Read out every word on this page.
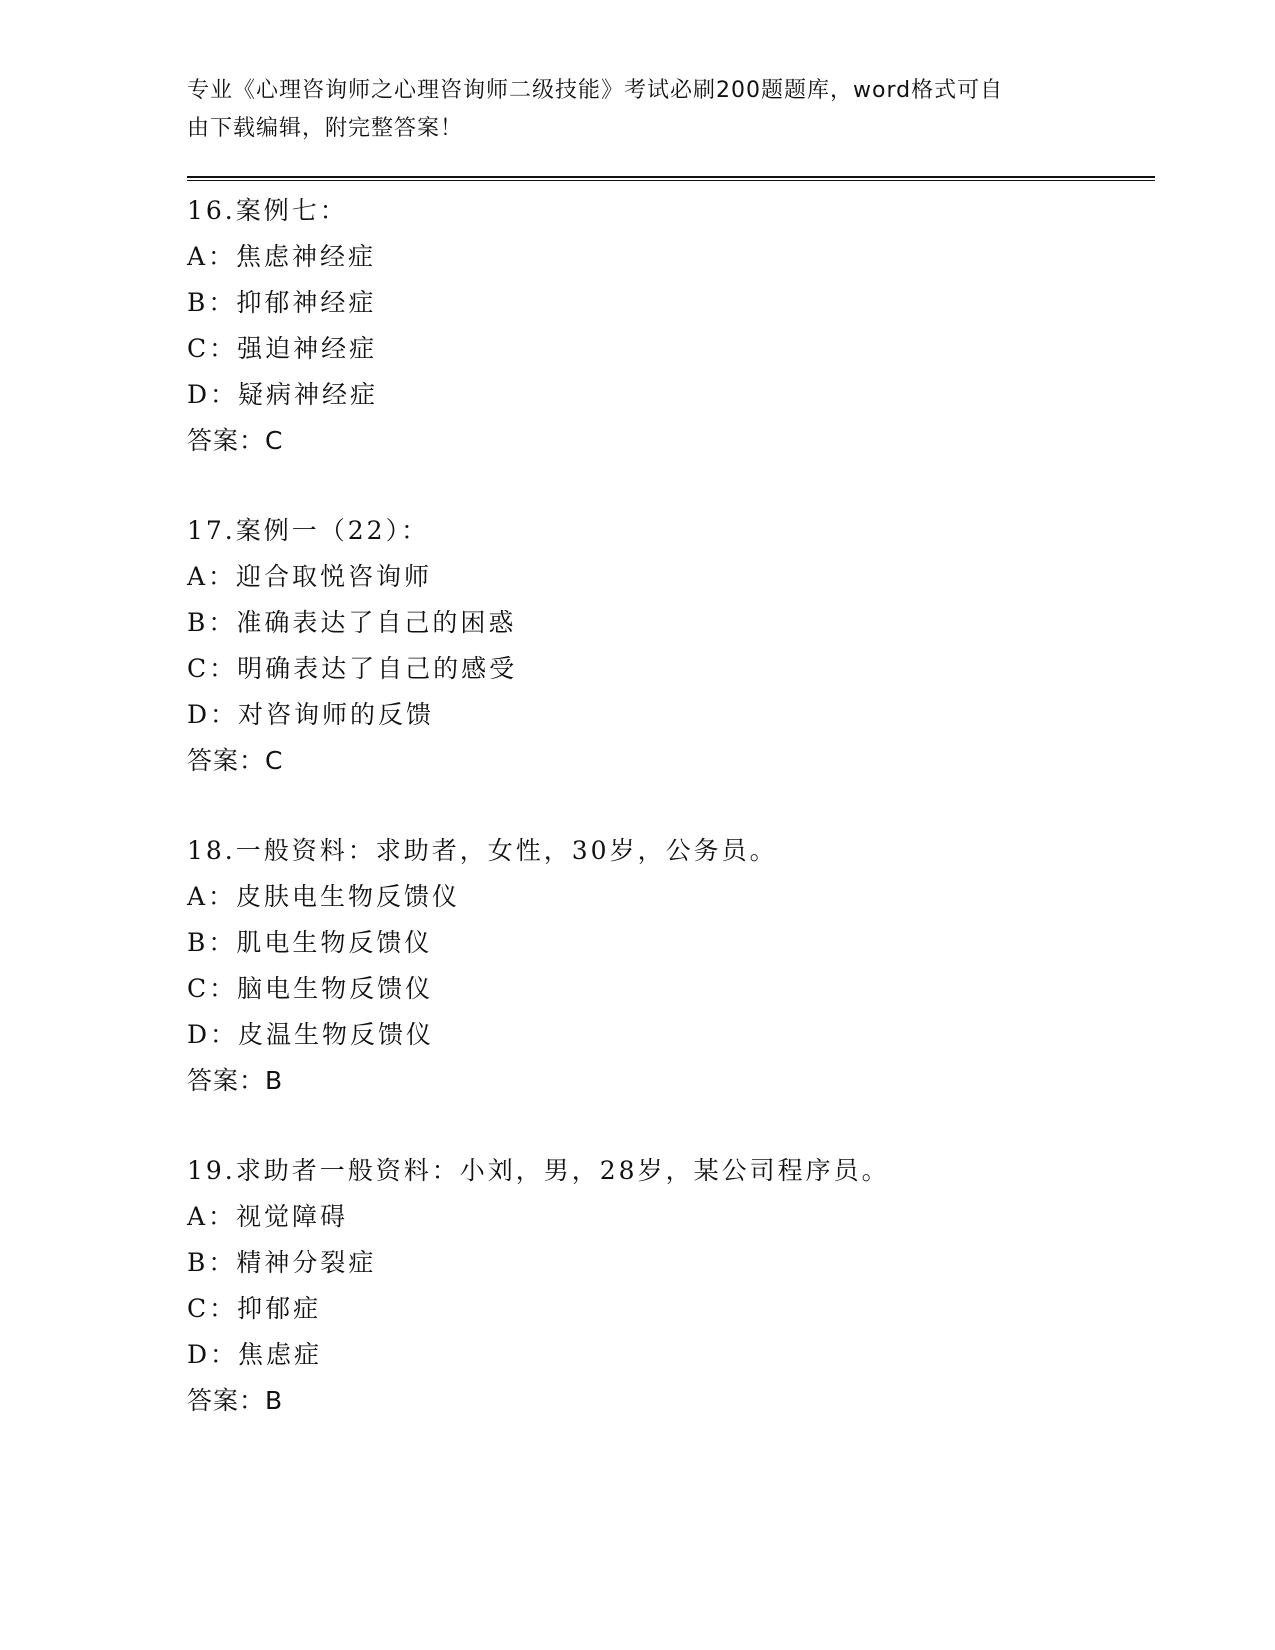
专业《心理咨询师之心理咨询师二级技能》考试必刷200题题库，word格式可自
由下载编辑，附完整答案！
16.案例七：
A：焦虑神经症
B：抑郁神经症
C：强迫神经症
D：疑病神经症
答案：C
17.案例一（22）：
A：迎合取悦咨询师
B：准确表达了自己的困惑
C：明确表达了自己的感受
D：对咨询师的反馈
答案：C
18.一般资料：求助者，女性，30岁，公务员。
A：皮肤电生物反馈仪
B：肌电生物反馈仪
C：脑电生物反馈仪
D：皮温生物反馈仪
答案：B
19.求助者一般资料：小刘，男，28岁，某公司程序员。
A：视觉障碍
B：精神分裂症
C：抑郁症
D：焦虑症
答案：B
